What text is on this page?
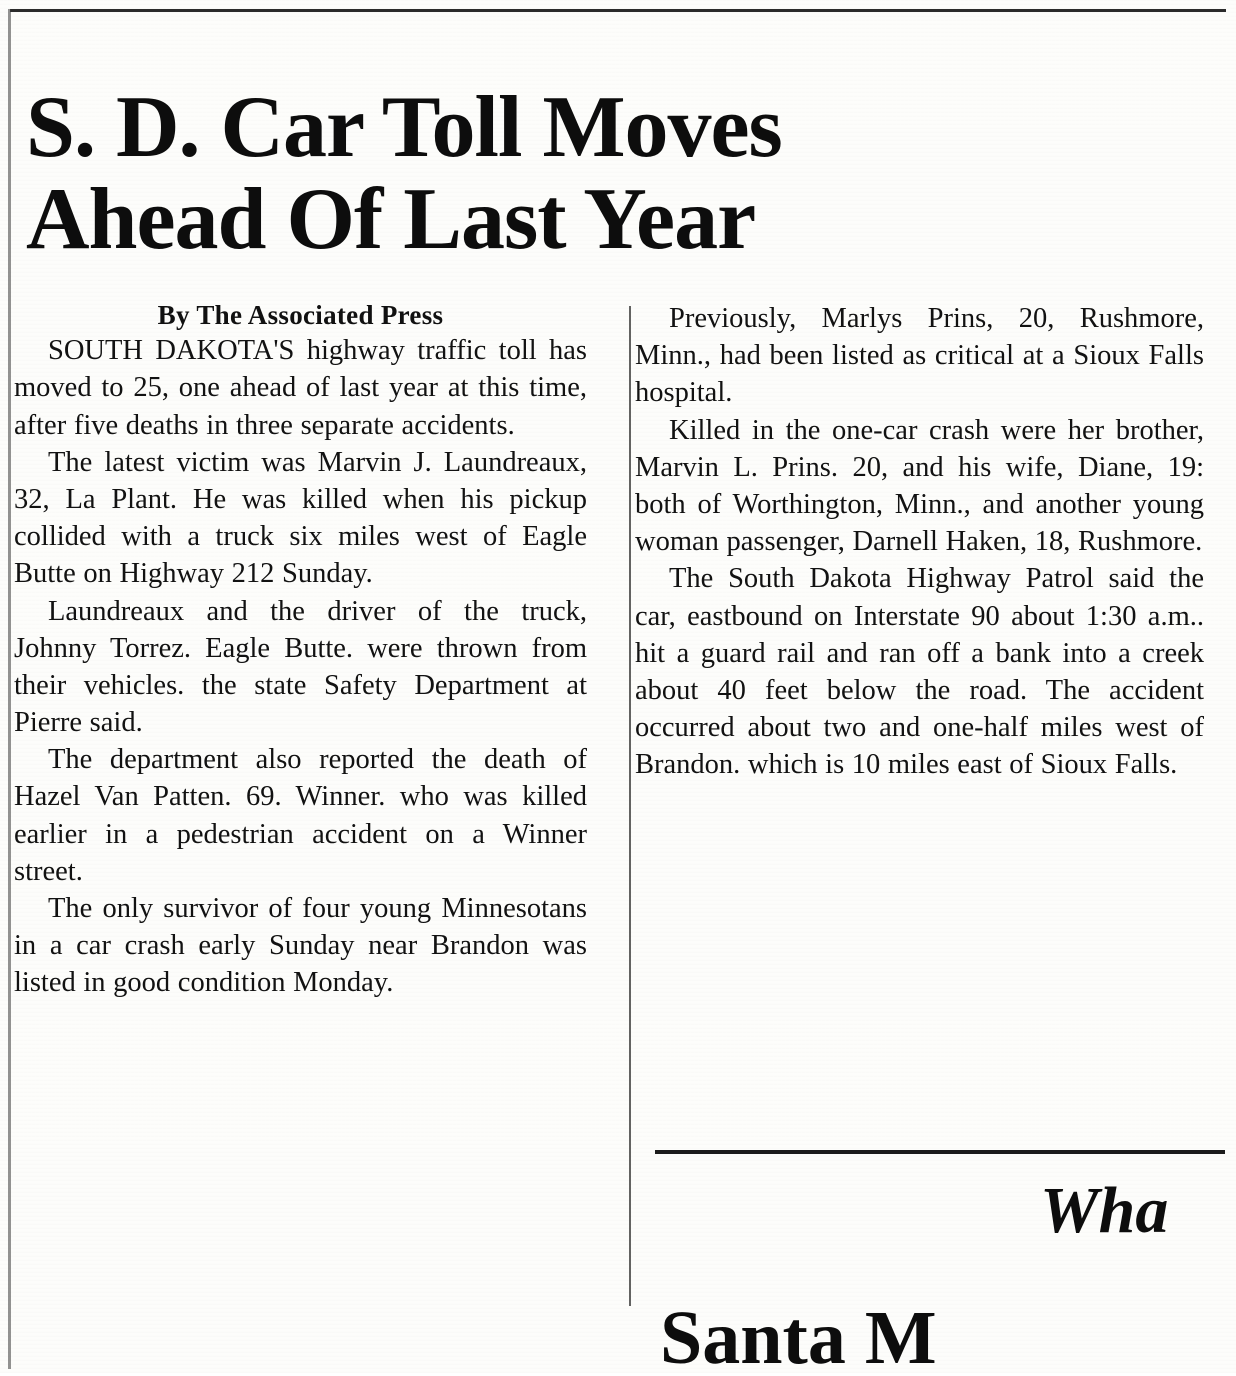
S. D. Car Toll Moves
Ahead Of Last Year
By The Associated Press

SOUTH DAKOTA'S highway traffic toll has moved to 25, one ahead of last year at this time, after five deaths in three separate accidents.

The latest victim was Marvin J. Laundreaux, 32, La Plant. He was killed when his pickup collided with a truck six miles west of Eagle Butte on Highway 212 Sunday.

Laundreaux and the driver of the truck, Johnny Torrez. Eagle Butte. were thrown from their vehicles. the state Safety Department at Pierre said.

The department also reported the death of Hazel Van Patten. 69. Winner. who was killed earlier in a pedestrian accident on a Winner street.

The only survivor of four young Minnesotans in a car crash early Sunday near Brandon was listed in good condition Monday.

Previously, Marlys Prins, 20, Rushmore, Minn., had been listed as critical at a Sioux Falls hospital.

Killed in the one-car crash were her brother, Marvin L. Prins. 20, and his wife, Diane, 19: both of Worthington, Minn., and another young woman passenger, Darnell Haken, 18, Rushmore.

The South Dakota Highway Patrol said the car, eastbound on Interstate 90 about 1:30 a.m.. hit a guard rail and ran off a bank into a creek about 40 feet below the road. The accident occurred about two and one-half miles west of Brandon. which is 10 miles east of Sioux Falls.

Wha
Santa M
